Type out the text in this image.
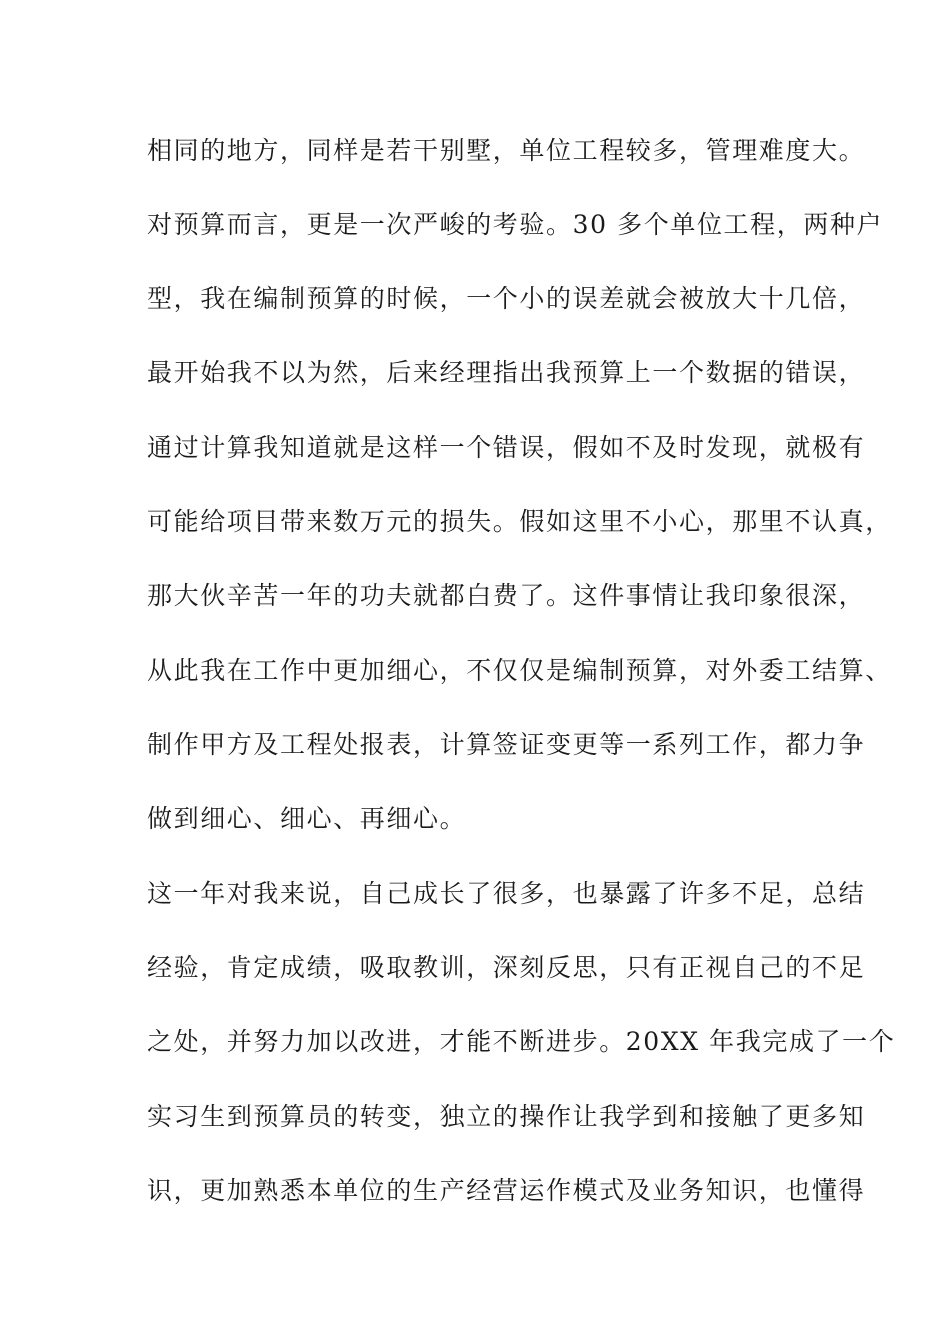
相同的地方，同样是若干别墅，单位工程较多，管理难度大。
对预算而言，更是一次严峻的考验。30 多个单位工程，两种户
型，我在编制预算的时候，一个小的误差就会被放大十几倍，
最开始我不以为然，后来经理指出我预算上一个数据的错误，
通过计算我知道就是这样一个错误，假如不及时发现，就极有
可能给项目带来数万元的损失。假如这里不小心，那里不认真，
那大伙辛苦一年的功夫就都白费了。这件事情让我印象很深，
从此我在工作中更加细心，不仅仅是编制预算，对外委工结算、
制作甲方及工程处报表，计算签证变更等一系列工作，都力争
做到细心、细心、再细心。
这一年对我来说，自己成长了很多，也暴露了许多不足，总结
经验，肯定成绩，吸取教训，深刻反思，只有正视自己的不足
之处，并努力加以改进，才能不断进步。20XX 年我完成了一个
实习生到预算员的转变，独立的操作让我学到和接触了更多知
识，更加熟悉本单位的生产经营运作模式及业务知识，也懂得
